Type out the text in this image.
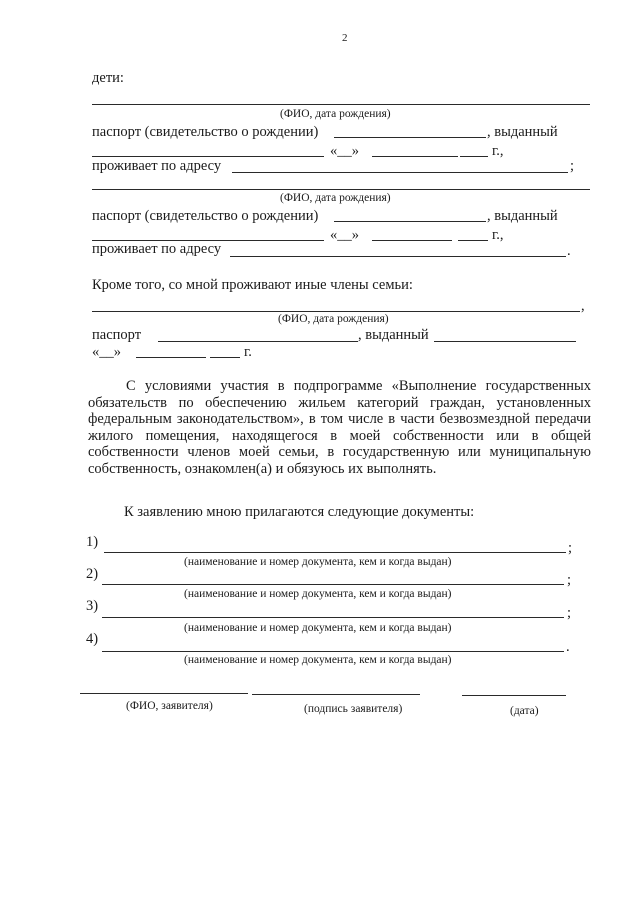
2
дети:
(ФИО, дата рождения)
паспорт (свидетельство о рождении)	, выданный
«__»	г.,
проживает по адресу	;
(ФИО, дата рождения)
паспорт (свидетельство о рождении)	, выданный
«__»	г.,
проживает по адресу	.
Кроме того, со мной проживают иные члены семьи:
,
(ФИО, дата рождения)
паспорт	, выданный
«__»	г.
С условиями участия в подпрограмме «Выполнение государственных обязательств по обеспечению жильем категорий граждан, установленных федеральным законодательством», в том числе в части безвозмездной передачи жилого помещения, находящегося в моей собственности или в общей собственности членов моей семьи, в государственную или муниципальную собственность, ознакомлен(а) и обязуюсь их выполнять.
К заявлению мною прилагаются следующие документы:
1)	;
(наименование и номер документа, кем и когда выдан)
2)	;
(наименование и номер документа, кем и когда выдан)
3)	;
(наименование и номер документа, кем и когда выдан)
4)	.
(наименование и номер документа, кем и когда выдан)
(ФИО, заявителя)	(подпись заявителя)	(дата)
